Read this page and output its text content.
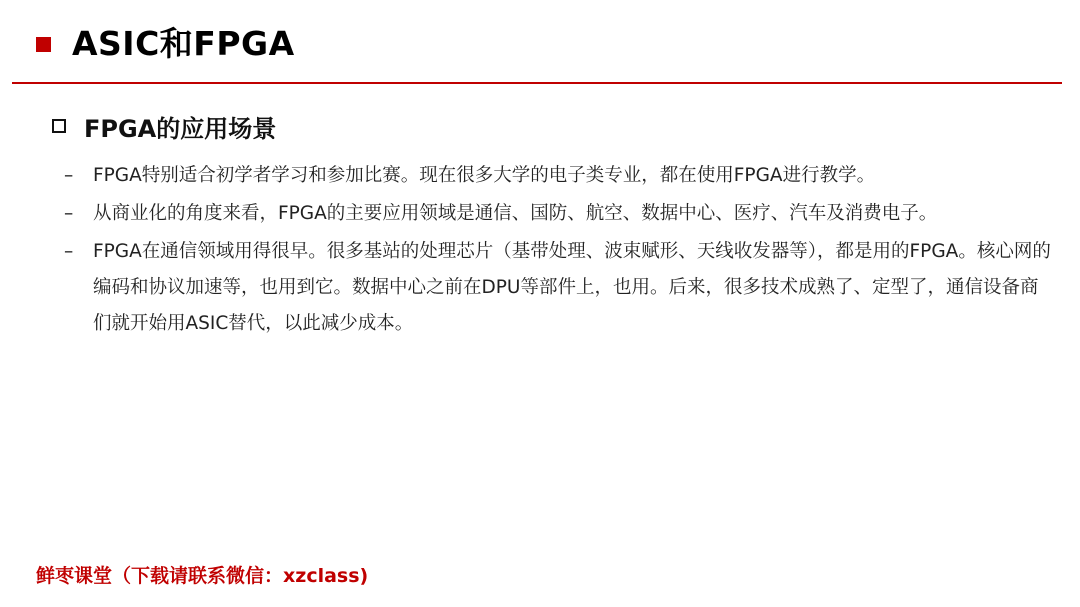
ASIC和FPGA
FPGA的应用场景
– FPGA特别适合初学者学习和参加比赛。现在很多大学的电子类专业，都在使用FPGA进行教学。
– 从商业化的角度来看，FPGA的主要应用领域是通信、国防、航空、数据中心、医疗、汽车及消费电子。
– FPGA在通信领域用得很早。很多基站的处理芯片（基带处理、波束赋形、天线收发器等），都是用的FPGA。核心网的编码和协议加速等，也用到它。数据中心之前在DPU等部件上，也用。后来，很多技术成熟了、定型了，通信设备商们就开始用ASIC替代，以此减少成本。
鲜枣课堂（下载请联系微信：xzclass)
